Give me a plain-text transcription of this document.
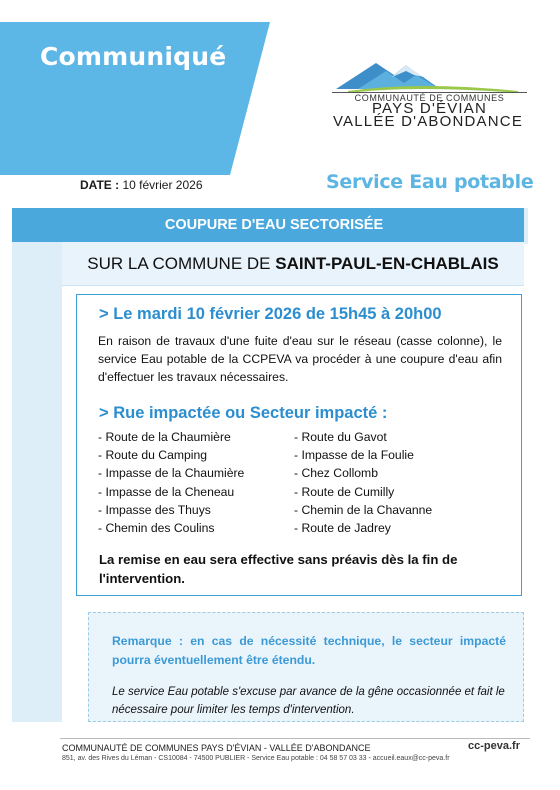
Communiqué
COMMUNAUTÉ DE COMMUNES
PAYS D'ÉVIAN
VALLÉE D'ABONDANCE
DATE : 10 février 2026	Service Eau potable
COUPURE D'EAU SECTORISÉE
SUR LA COMMUNE DE SAINT-PAUL-EN-CHABLAIS
> Le mardi 10 février 2026 de 15h45 à 20h00
En raison de travaux d'une fuite d'eau sur le réseau (casse colonne), le service Eau potable de la CCPEVA va procéder à une coupure d'eau afin d'effectuer les travaux nécessaires.
> Rue impactée ou Secteur impacté :
- Route de la Chaumière
- Route du Camping
- Impasse de la Chaumière
- Impasse de la Cheneau
- Impasse des Thuys
- Chemin des Coulins
- Route du Gavot
- Impasse de la Foulie
- Chez Collomb
- Route de Cumilly
- Chemin de la Chavanne
- Route de Jadrey
La remise en eau sera effective sans préavis dès la fin de l'intervention.
Remarque : en cas de nécessité technique, le secteur impacté pourra éventuellement être étendu.
Le service Eau potable s'excuse par avance de la gêne occasionnée et fait le nécessaire pour limiter les temps d'intervention.
COMMUNAUTÉ DE COMMUNES PAYS D'ÉVIAN - VALLÉE D'ABONDANCE
851, av. des Rives du Léman - CS10084 - 74500 PUBLIER - Service Eau potable : 04 58 57 03 33 - accueil.eaux@cc-peva.fr
cc-peva.fr
